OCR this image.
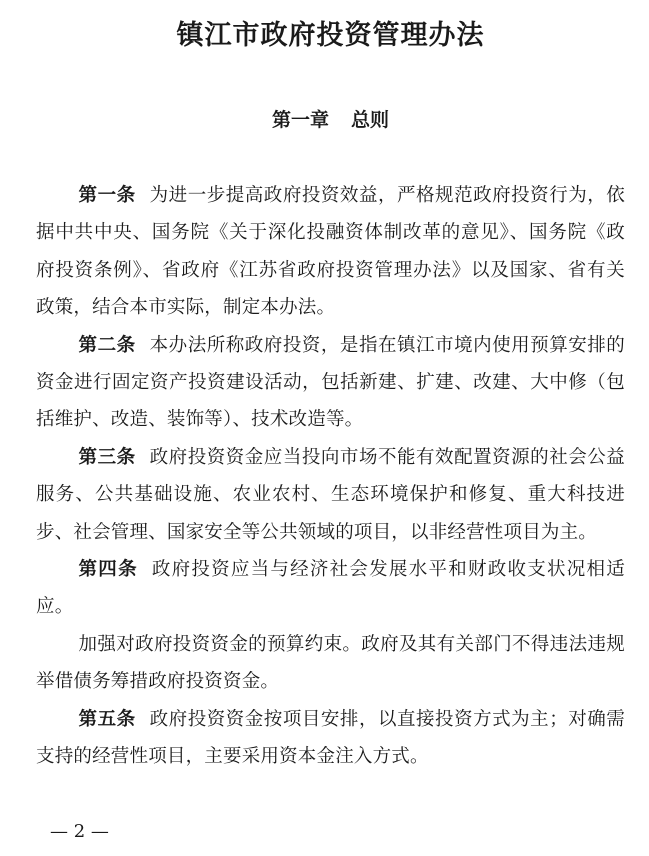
镇江市政府投资管理办法
第一章 总则

第一条 为进一步提高政府投资效益，严格规范政府投资行为，依据中共中央、国务院《关于深化投融资体制改革的意见》、国务院《政府投资条例》、省政府《江苏省政府投资管理办法》以及国家、省有关政策，结合本市实际，制定本办法。

第二条 本办法所称政府投资，是指在镇江市境内使用预算安排的资金进行固定资产投资建设活动，包括新建、扩建、改建、大中修（包括维护、改造、装饰等）、技术改造等。

第三条 政府投资资金应当投向市场不能有效配置资源的社会公益服务、公共基础设施、农业农村、生态环境保护和修复、重大科技进步、社会管理、国家安全等公共领域的项目，以非经营性项目为主。

第四条 政府投资应当与经济社会发展水平和财政收支状况相适应。

加强对政府投资资金的预算约束。政府及其有关部门不得违法违规举借债务筹措政府投资资金。

第五条 政府投资资金按项目安排，以直接投资方式为主；对确需支持的经营性项目，主要采用资本金注入方式。

— 2 —
